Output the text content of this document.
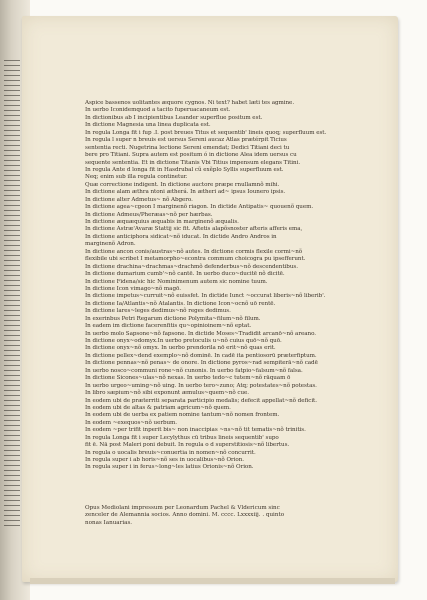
Aspice bassenos uolitantes æquore cygnos. Ni text? habet læti tes agmine.
In uerbo Iconidemquod a tacito fuperuacaneum est.
In dictionibus ab I incipientibus Leander superflue positum est.
In dictione Magnesia una linea duplicata est.
In regula Longa fit i fup .I. post breues Titus et sequentib' lineis quoq; superfluum est.
In regula l super n breuis est uersus Sereni aucaz Atlas prætérpit Ticius
sententia recti. Nugetrina lectione Sereni emendat; Dedici Titiani deci tu
bere pro Titiani. Supra autem est positum ó in dictione Alea idem uersus cu
sequente sententia. Et in dictione Titanis Vbi Titius impensum elegans Titini.
In regula Ante d longa fit in Hasdrubal cũ exẽplo Syllis superfluum est.
Neq; enim sub illa regula continetur.
Quæ correctione indigent. In dictione auctore præpe rnullamnõ mihi.
In dictione alam æthra ntoni ætherá. In ætheri ad~ ipsus Iounero ipsis.
In dictione alter Admetus~ nõ Abgero.
In dictione agea~cgeon I marginenõ riagon. In dictide Antipatis~ quouenõ quem.
In dictione Admeus/Pheræas~nõ per hærbas.
In dictione æquæquius æquabis in marginenõ æqualis.
In dictione Astræ'Avaræ Stattij sic fit. Aftetis alapõsnoster afteris afferis ema,
In dictione anticiphora sidicat~nõ iducat. In dictide Andro Andros in
marginenõ Adron.
In dictione ancon conis/austras~nõ autes. In dictione cormis flexile cormi~nõ
flexibile ubi scribet I metamorpho~econtra commum choicogra pu ipsefferunt.
In dictione drachina~drachmas~drachmõ defenderbus~nõ descendentibus.
In dictione dumarium cumb'~nõ cantē. In uerbo duco~ducitē nõ dicitē.
In dictione Fidena/sic hic Nominimenum autem sic nomine tuum.
In dictione Icon vimago~nõ magō.
In dictione impetus~curruit~nõ euissfet. In dictide Iunct ~occurat liberis~nõ liberib'.
In dictione Ia/Atlantis~nõ Atalantis. In dictione Icon~ocnõ uō rentē.
In dictione lares~leges dedimus~nõ reges dedimus.
In exerinbus Petri Regarum dictione Polymita~filum~nõ filum.
In eadem im dictione facerenfitis qu~opinioinem~nõ eptat.
In uerbo molo Sapsone~nõ fapsone. In dictide Moses~Tradidit arcanō~nõ areano.
In dictione onyx~odomyx.In uerbo pretoculis u~nõ cuius quō~nõ quō.
In dictione onyx~nõ omyx. In uerbo prendorila nō erit~nõ quas erit.
In dictione pellex~dend exemplo~nõ dominē. In cadē ita pentiosorū præterfiptum.
In dictione pennas~nõ penas~ de onore. In dictione pyros~rad sempiterā~nõ cadē
In uerbo nosco~communi rone~nõ cunonis. In uerbo fatpio~falsum~nõ falsa.
In dictione Sicones~ulas~nõ nexas. In uerbo tedo~c tutem~nõ rāquam ō
In uerbo urgeo~uming~nõ uing. In uerbo tero~zuno; Atq; potestates~nõ potestas.
In libro sæpium~nõ sibi exponunt æmulus~quem~nõ cue.
In eodem ubi de præterriti separata participio medalis; defecit appellat~nõ deficit.
In eodem ubi de altas & patriam agricum~nõ quem.
In eodem ubi de uerba ex patiem nomine tantum~nõ nomen frontem.
In eodem ~exequos~nõ uerbum.
In eodem ~per trifit inperit bis~ non inaccipias ~ns~nõ tit tematis~nõ trinitis.
In regula Longa fit i super Lecylythus cū tribus lineis sequentib' supo
fit ē. Nā post Maleri poni debuit. In regula o d superstitiosis~nõ libertus.
In regula o uocalis breuis~conuertia in nomen~nõ concurrit.
In regula super i ab horis~nõ ses in uocalibus~nõ Orion.
In regula super i in ferus~long~les latius Orionis~nõ Orion.
Opus Mediolani impressum per Leonardum Pachel & Vldericum sinc
zenceler de Alemannia socios. Anno domini. M. cccc. Lxxxxiij. . quinto
nonas Ianuarias.
